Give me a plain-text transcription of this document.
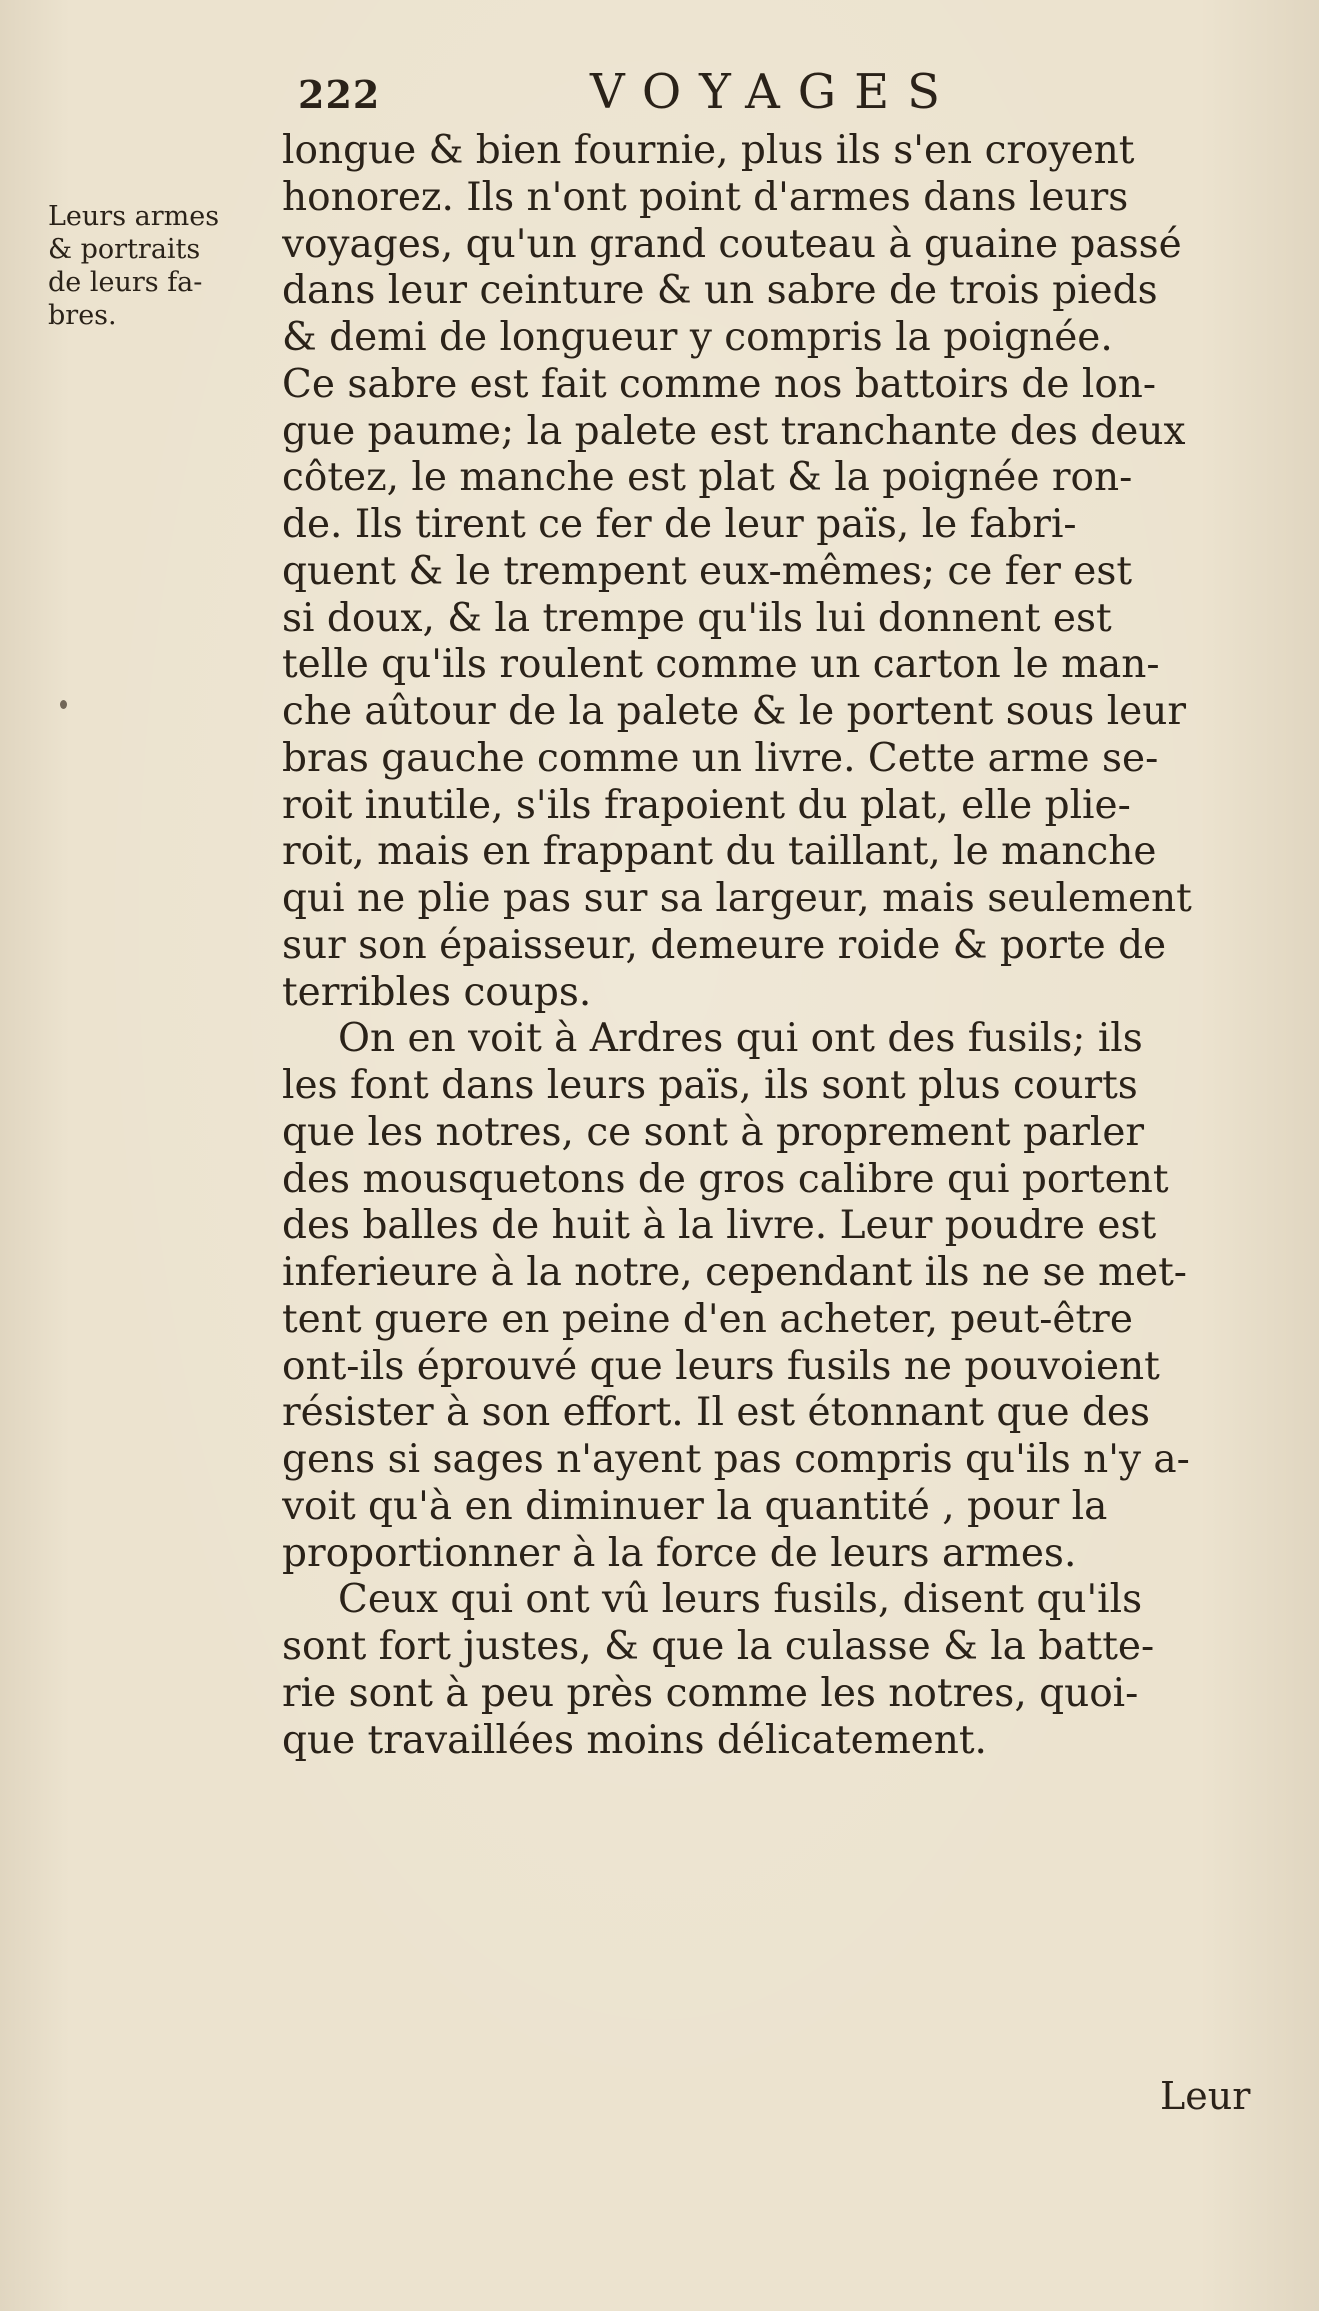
222	VOYAGES
Leurs armes
& portraits
de leurs fa-
bres.
longue & bien fournie, plus ils s'en croyent
honorez. Ils n'ont point d'armes dans leurs
voyages, qu'un grand couteau à guaine passé
dans leur ceinture & un sabre de trois pieds
& demi de longueur y compris la poignée.
Ce sabre est fait comme nos battoirs de lon-
gue paume; la palete est tranchante des deux
côtez, le manche est plat & la poignée ron-
de. Ils tirent ce fer de leur païs, le fabri-
quent & le trempent eux-mêmes; ce fer est
si doux, & la trempe qu'ils lui donnent est
telle qu'ils roulent comme un carton le man-
che aûtour de la palete & le portent sous leur
bras gauche comme un livre. Cette arme se-
roit inutile, s'ils frapoient du plat, elle plie-
roit, mais en frappant du taillant, le manche
qui ne plie pas sur sa largeur, mais seulement
sur son épaisseur, demeure roide & porte de
terribles coups.
On en voit à Ardres qui ont des fusils; ils
les font dans leurs païs, ils sont plus courts
que les notres, ce sont à proprement parler
des mousquetons de gros calibre qui portent
des balles de huit à la livre. Leur poudre est
inferieure à la notre, cependant ils ne se met-
tent guere en peine d'en acheter, peut-être
ont-ils éprouvé que leurs fusils ne pouvoient
résister à son effort. Il est étonnant que des
gens si sages n'ayent pas compris qu'ils n'y a-
voit qu'à en diminuer la quantité , pour la
proportionner à la force de leurs armes.
Ceux qui ont vû leurs fusils, disent qu'ils
sont fort justes, & que la culasse & la batte-
rie sont à peu près comme les notres, quoi-
que travaillées moins délicatement.
Leur
